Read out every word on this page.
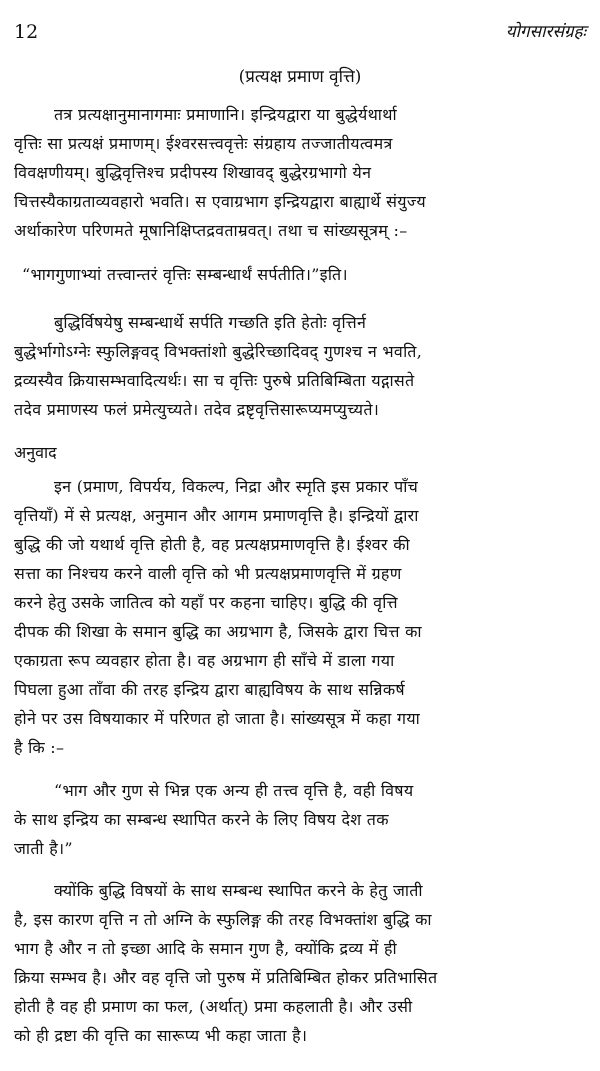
12	योगसारसंग्रहः
(प्रत्यक्ष प्रमाण वृत्ति)

तत्र प्रत्यक्षानुमानागमाः प्रमाणानि। इन्द्रियद्वारा या बुद्धेर्यथार्था
वृत्तिः सा प्रत्यक्षं प्रमाणम्। ईश्वरसत्त्ववृत्तेः संग्रहाय तज्जातीयत्वमत्र
विवक्षणीयम्। बुद्धिवृत्तिश्च प्रदीपस्य शिखावद् बुद्धेरग्रभागो येन
चित्तस्यैकाग्रताव्यवहारो भवति। स एवाग्रभाग इन्द्रियद्वारा बाह्यार्थे संयुज्य
अर्थाकारेण परिणमते मूषानिक्षिप्तद्रवताम्रवत्। तथा च सांख्यसूत्रम् :–

“भागगुणाभ्यां तत्त्वान्तरं वृत्तिः सम्बन्धार्थं सर्पतीति।”इति।

बुद्धिर्विषयेषु सम्बन्धार्थे सर्पति गच्छति इति हेतोः वृत्तिर्न
बुद्धेर्भागोऽग्नेः स्फुलिङ्गवद् विभक्तांशो बुद्धेरिच्छादिवद् गुणश्च न भवति,
द्रव्यस्यैव क्रियासम्भवादित्यर्थः। सा च वृत्तिः पुरुषे प्रतिबिम्बिता यद्गासते
तदेव प्रमाणस्य फलं प्रमेत्युच्यते। तदेव द्रष्टृवृत्तिसारूप्यमप्युच्यते।

अनुवाद

इन (प्रमाण, विपर्यय, विकल्प, निद्रा और स्मृति इस प्रकार पाँच
वृत्तियाँ) में से प्रत्यक्ष, अनुमान और आगम प्रमाणवृत्ति है। इन्द्रियों द्वारा
बुद्धि की जो यथार्थ वृत्ति होती है, वह प्रत्यक्षप्रमाणवृत्ति है। ईश्वर की
सत्ता का निश्चय करने वाली वृत्ति को भी प्रत्यक्षप्रमाणवृत्ति में ग्रहण
करने हेतु उसके जातित्व को यहाँ पर कहना चाहिए। बुद्धि की वृत्ति
दीपक की शिखा के समान बुद्धि का अग्रभाग है, जिसके द्वारा चित्त का
एकाग्रता रूप व्यवहार होता है। वह अग्रभाग ही साँचे में डाला गया
पिघला हुआ ताँवा की तरह इन्द्रिय द्वारा बाह्यविषय के साथ सन्निकर्ष
होने पर उस विषयाकार में परिणत हो जाता है। सांख्यसूत्र में कहा गया
है कि :–

“भाग और गुण से भिन्न एक अन्य ही तत्त्व वृत्ति है, वही विषय
के साथ इन्द्रिय का सम्बन्ध स्थापित करने के लिए विषय देश तक
जाती है।”

क्योंकि बुद्धि विषयों के साथ सम्बन्ध स्थापित करने के हेतु जाती
है, इस कारण वृत्ति न तो अग्नि के स्फुलिङ्ग की तरह विभक्तांश बुद्धि का
भाग है और न तो इच्छा आदि के समान गुण है, क्योंकि द्रव्य में ही
क्रिया सम्भव है। और वह वृत्ति जो पुरुष में प्रतिबिम्बित होकर प्रतिभासित
होती है वह ही प्रमाण का फल, (अर्थात्) प्रमा कहलाती है। और उसी
को ही द्रष्टा की वृत्ति का सारूप्य भी कहा जाता है।
